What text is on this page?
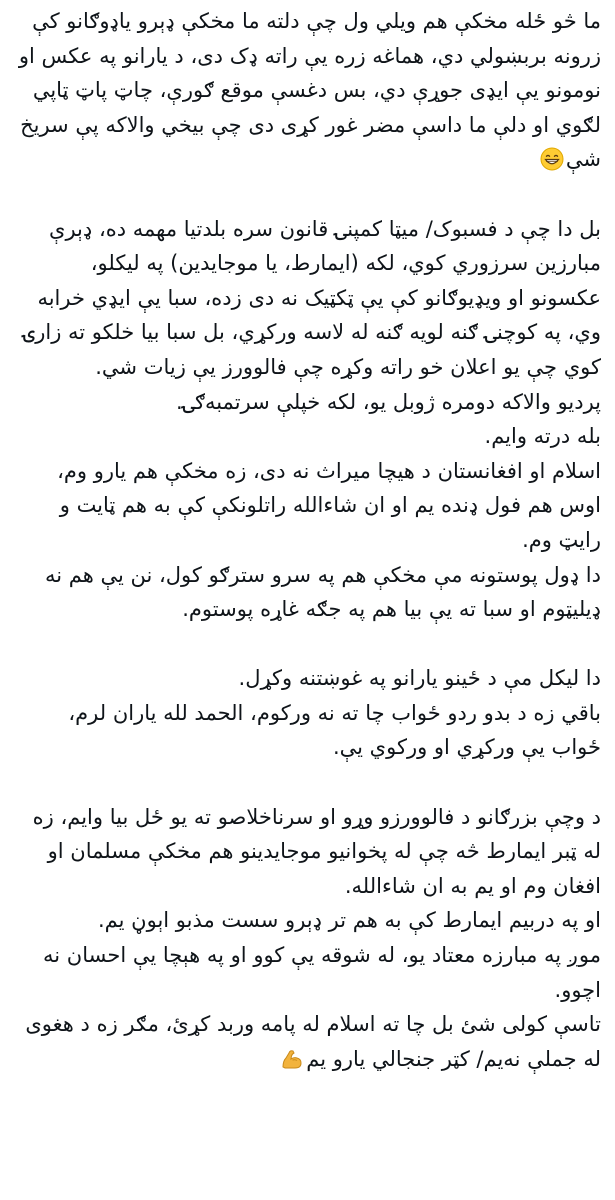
ما څو ځله مخکې هم ویلي ول چې دلته ما مخکې ډېرو یاډوګانو کې زرونه بربښولي دي، هماغه زره يې راته ډک دی، د یارانو په عکس او نومونو یې ایډی جوړې دي، بس دغسې موقع ګورې، چاټ پاټ ټاپي لګوي او دلې ما داسې مضر غور کړی دی چې بیخي والاکه پې سریخ شې

بل دا چې د فسبوک/ میټا کمپنۍ قانون سره بلدتیا مهمه ده، ډېرې مبارزین سرزوري کوي، لکه (ایمارط، یا موجایدین) په لیکلو، عکسونو او ویډیوګانو کې یې ټکټیک نه دی زده، سبا یې ایډي خرابه وي، په کوچنۍ ګنه لویه ګنه له لاسه ورکړي، بل سبا بیا خلکو ته زارۍ کوي چې یو اعلان خو راته وکړه چې فالوورز یې زیات شي.

پردیو والاکه دومره ژوبل یو، لکه خپلې سرتمبه‌ګۍ.

بله درته وایم.

اسلام او افغانستان د هیچا میراث نه دی، زه مخکې هم یارو وم، اوس هم فول ډنده یم او ان شاءالله راتلونکې کې به هم ټایت و رایټ وم.

دا ډول پوستونه مې مخکې هم په سرو سترګو کول، نن یې هم نه ډیلیټوم او سبا ته یې بیا هم په جګه غاړه پوستوم.

دا لیکل مې د ځینو یارانو په غوښتنه وکړل.

باقي زه د بدو ردو ځواب چا ته نه ورکوم، الحمد لله یاران لرم، ځواب یې ورکړي او ورکوي یې.

د وچې بزرګانو د فالوورزو وړو او سرناخلاصو ته یو ځل بیا وایم، زه له ټبر ایمارط څه چې له پخوانیو موجایدینو هم مخکې مسلمان او افغان وم او یم به ان شاءالله.

او په دربیم ایمارط کې به هم تر ډېرو سست مذبو اېوڼ یم.

موږ په مبارزه معتاد یو، له شوقه یې کوو او په هېچا یې احسان نه اچوو.

تاسې کولی شئ بل چا ته اسلام له پامه وربد کړئ، مګر زه د هغوی له جملې نه‌یم/ کټر جنجالي یارو یم
